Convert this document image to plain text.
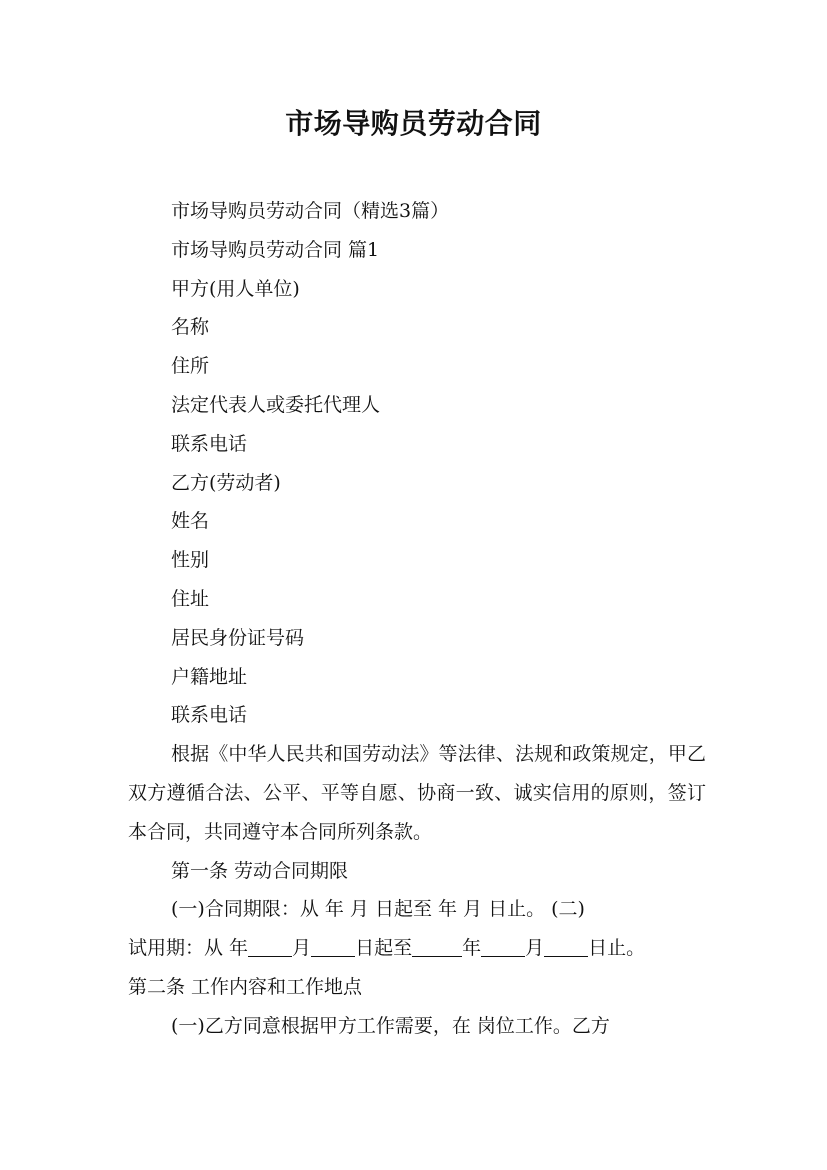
市场导购员劳动合同

市场导购员劳动合同（精选3篇）

市场导购员劳动合同 篇1

甲方(用人单位)

名称

住所

法定代表人或委托代理人

联系电话

乙方(劳动者)

姓名

性别

住址

居民身份证号码

户籍地址

联系电话

根据《中华人民共和国劳动法》等法律、法规和政策规定，甲乙双方遵循合法、公平、平等自愿、协商一致、诚实信用的原则，签订本合同，共同遵守本合同所列条款。

第一条 劳动合同期限

(一)合同期限：从 年 月 日起至 年 月 日止。 (二)

试用期：从 年 月 日起至	年 月 日止。

第二条 工作内容和工作地点

(一)乙方同意根据甲方工作需要，在 岗位工作。乙方
